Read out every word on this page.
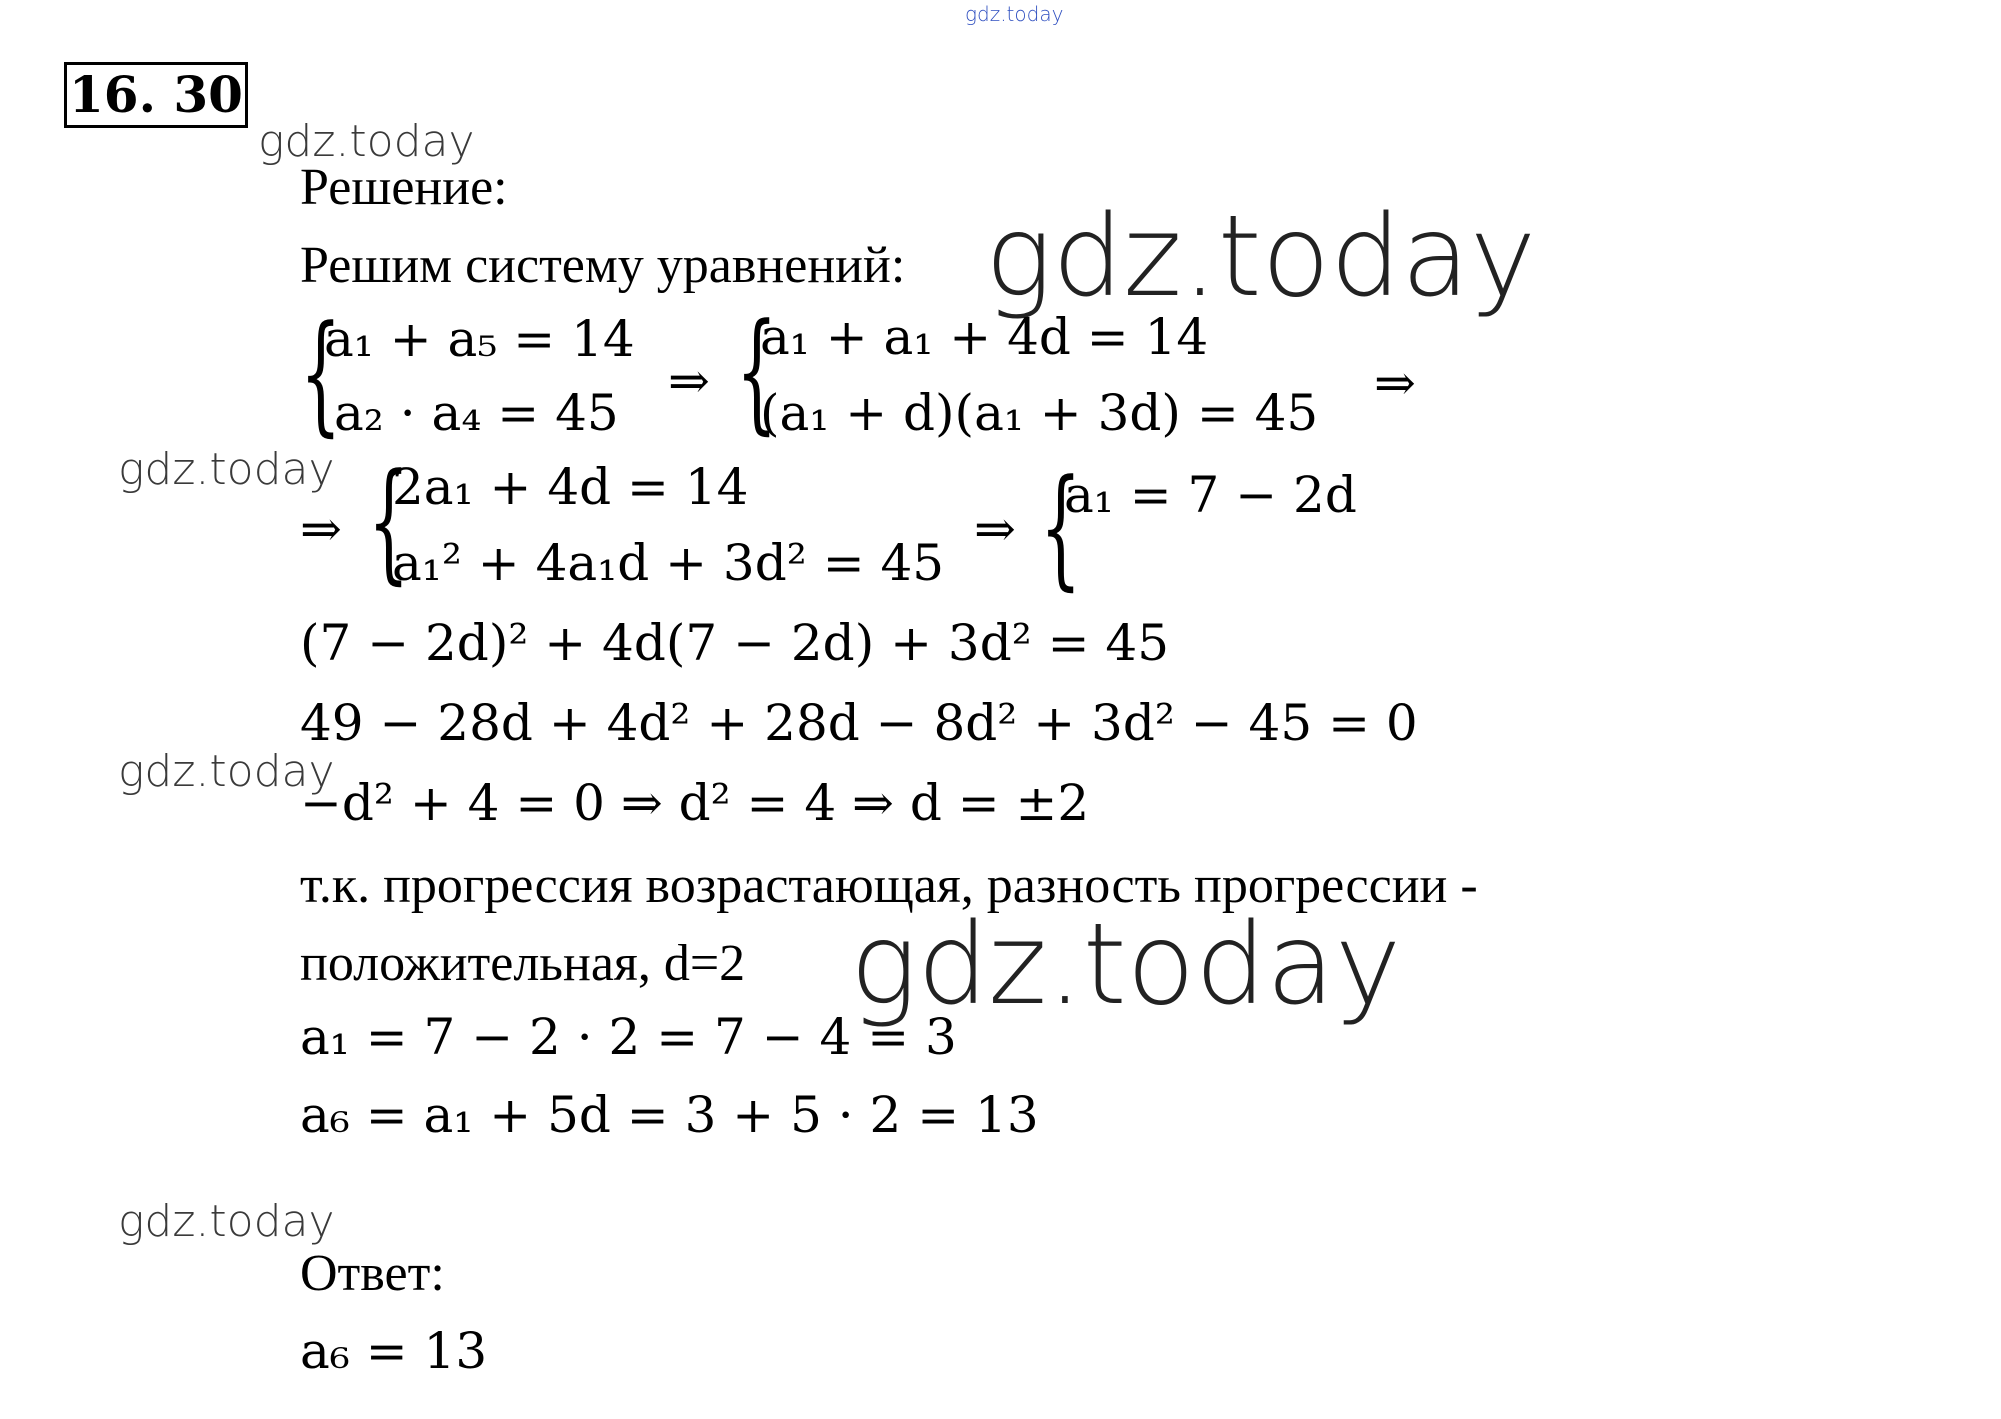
16. 30
gdz.today
gdz.today
gdz.today
gdz.today
gdz.today
gdz.today
gdz.today
Решение:
Решим систему уравнений:
{
a₁ + a₅ = 14
a₂ · a₄ = 45
⇒ {
a₁ + a₁ + 4d = 14
(a₁ + d)(a₁ + 3d) = 45
⇒
⇒ {
2a₁ + 4d = 14
a₁² + 4a₁d + 3d² = 45
⇒ {
a₁ = 7 − 2d
(7 − 2d)² + 4d(7 − 2d) + 3d² = 45
49 − 28d + 4d² + 28d − 8d² + 3d² − 45 = 0
−d² + 4 = 0 ⇒ d² = 4 ⇒ d = ±2
т.к. прогрессия возрастающая, разность прогрессии -
положительная, d=2
a₁ = 7 − 2 · 2 = 7 − 4 = 3
a₆ = a₁ + 5d = 3 + 5 · 2 = 13
Ответ:
a₆ = 13
